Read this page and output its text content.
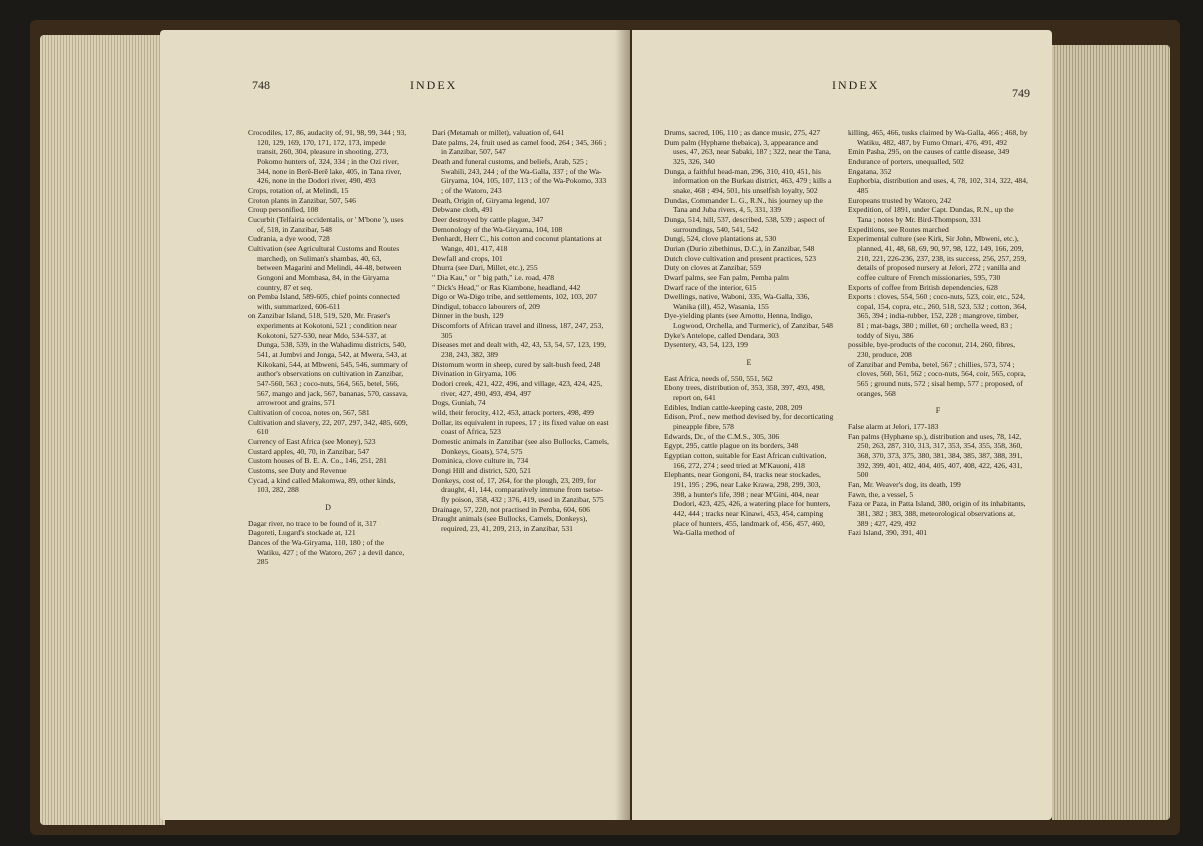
748	INDEX

Crocodiles, 17, 86, audacity of, 91, 98, 99, 344 ; 93, 120, 129, 169, 170, 171, 172, 173, impede transit, 260, 304, pleasure in shooting, 273, Pokomo hunters of, 324, 334 ; in the Ozi river, 344, none in Berê-Berê lake, 405, in Tana river, 426, none in the Dodori river, 490, 493

Crops, rotation of, at Melindi, 15

Croton plants in Zanzibar, 507, 546

Croup personified, 108

Cucurbit (Telfairia occidentalis, or ' M'bone '), uses of, 518, in Zanzibar, 548

Cudrania, a dye wood, 728

Cultivation (see Agricultural Customs and Routes marched), on Suliman's shambas, 40, 63, between Magarini and Melindi, 44-48, between Gongoni and Mombasa, 84, in the Giryama country, 87 et seq.

on Pemba Island, 589-605, chief points connected with, summarized, 606-611

on Zanzibar Island, 518, 519, 520, Mr. Fraser's experiments at Kokotoni, 521 ; condition near Kokotoni, 527-530, near Mdo, 534-537, at Dunga, 538, 539, in the Wahadimu districts, 540, 541, at Jumbvi and Jonga, 542, at Mwera, 543, at Kikokani, 544, at Mbweni, 545, 546, summary of author's observations on cultivation in Zanzibar, 547-560, 563 ; coco-nuts, 564, 565, betel, 566, 567, mango and jack, 567, bananas, 570, cassava, arrowroot and grains, 571

Cultivation of cocoa, notes on, 567, 581

Cultivation and slavery, 22, 207, 297, 342, 485, 609, 610

Currency of East Africa (see Money), 523

Custard apples, 40, 70, in Zanzibar, 547

Custom houses of B. E. A. Co., 146, 251, 281

Customs, see Duty and Revenue

Cycad, a kind called Makomwa, 89, other kinds, 103, 282, 288

D

Dagar river, no trace to be found of it, 317

Dagoreti, Lugard's stockade at, 121

Dances of the Wa-Giryama, 110, 180 ; of the Watiku, 427 ; of the Watoro, 267 ; a devil dance, 285

Dari (Metamah or millet), valuation of, 641

Date palms, 24, fruit used as camel food, 264 ; 345, 366 ; in Zanzibar, 507, 547

Death and funeral customs, and beliefs, Arab, 525 ; Swahili, 243, 244 ; of the Wa-Galla, 337 ; of the Wa-Giryama, 104, 105, 107, 113 ; of the Wa-Pokomo, 333 ; of the Watoro, 243

Death, Origin of, Giryama legend, 107

Debwane cloth, 491

Deer destroyed by cattle plague, 347

Demonology of the Wa-Giryama, 104, 108

Denhardt, Herr C., his cotton and coconut plantations at Wange, 401, 417, 418

Dewfall and crops, 101

Dhurra (see Dari, Millet, etc.), 255

" Dia Kau," or " big path," i.e. road, 478

" Dick's Head," or Ras Kiambone, headland, 442

Digo or Wa-Digo tribe, and settlements, 102, 103, 207

Dindigul, tobacco labourers of, 209

Dinner in the bush, 129

Discomforts of African travel and illness, 187, 247, 253, 305

Diseases met and dealt with, 42, 43, 53, 54, 57, 123, 199, 238, 243, 382, 389

Distomum worm in sheep, cured by salt-bush feed, 248

Divination in Giryama, 106

Dodori creek, 421, 422, 496, and village, 423, 424, 425, river, 427, 490, 493, 494, 497

Dogs, Guniah, 74

wild, their ferocity, 412, 453, attack porters, 498, 499

Dollar, its equivalent in rupees, 17 ; its fixed value on east coast of Africa, 523

Domestic animals in Zanzibar (see also Bullocks, Camels, Donkeys, Goats), 574, 575

Dominica, clove culture in, 734

Dongi Hill and district, 520, 521

Donkeys, cost of, 17, 264, for the plough, 23, 209, for draught, 41, 144, comparatively immune from tsetse-fly poison, 358, 432 ; 376, 419, used in Zanzibar, 575

Drainage, 57, 220, not practised in Pemba, 604, 606

Draught animals (see Bullocks, Camels, Donkeys), required, 23, 41, 209, 213, in Zanzibar, 531

INDEX
749

Drums, sacred, 106, 110 ; as dance music, 275, 427

Dum palm (Hyphæne thebaica), 3, appearance and uses, 47, 263, near Sabaki, 187 ; 322, near the Tana, 325, 326, 340

Dunga, a faithful head-man, 296, 310, 410, 451, his information on the Burkau district, 463, 479 ; kills a snake, 468 ; 494, 501, his unselfish loyalty, 502

Dundas, Commander L. G., R.N., his journey up the Tana and Juba rivers, 4, 5, 331, 339

Dunga, 514, hill, 537, described, 538, 539 ; aspect of surroundings, 540, 541, 542

Dungi, 524, clove plantations at, 530

Durian (Durio zibethinus, D.C.), in Zanzibar, 548

Dutch clove cultivation and present practices, 523

Duty on cloves at Zanzibar, 559

Dwarf palms, see Fan palm, Pemba palm

Dwarf race of the interior, 615

Dwellings, native, Waboni, 335, Wa-Galla, 336, Wanika (ill), 452, Wasania, 155

Dye-yielding plants (see Arnotto, Henna, Indigo, Logwood, Orchella, and Turmeric), of Zanzibar, 548

Dyke's Antelope, called Dendara, 303

Dysentery, 43, 54, 123, 199

E

East Africa, needs of, 550, 551, 562

Ebony trees, distribution of, 353, 358, 397, 493, 498, report on, 641

Edibles, Indian cattle-keeping caste, 208, 209

Edison, Prof., new method devised by, for decorticating pineapple fibre, 578

Edwards, Dr., of the C.M.S., 305, 306

Egypt, 295, cattle plague on its borders, 348

Egyptian cotton, suitable for East African cultivation, 166, 272, 274 ; seed tried at M'Kauoni, 418

Elephants, near Gongoni, 84, tracks near stockades, 191, 195 ; 296, near Lake Krawa, 298, 299, 303, 398, a hunter's life, 398 ; near M'Gini, 404, near Dodori, 423, 425, 426, a watering place for hunters, 442, 444 ; tracks near Kinawi, 453, 454, camping place of hunters, 455, landmark of, 456, 457, 460, Wa-Galla method of

killing, 465, 466, tusks claimed by Wa-Galla, 466 ; 468, by Watiku, 482, 487, by Fumo Omari, 476, 491, 492

Emin Pasha, 295, on the causes of cattle disease, 349

Endurance of porters, unequalled, 502

Engatana, 352

Euphorbia, distribution and uses, 4, 78, 102, 314, 322, 484, 485

Europeans trusted by Watoro, 242

Expedition, of 1891, under Capt. Dundas, R.N., up the Tana ; notes by Mr. Bird-Thompson, 331

Expeditions, see Routes marched

Experimental culture (see Kirk, Sir John, Mbweni, etc.), planned, 41, 48, 68, 69, 90, 97, 98, 122, 149, 166, 209, 210, 221, 226-236, 237, 238, its success, 256, 257, 259, details of proposed nursery at Jelori, 272 ; vanilla and coffee culture of French missionaries, 595, 730

Exports of coffee from British dependencies, 628

Exports : cloves, 554, 560 ; coco-nuts, 523, coir, etc., 524, copal, 154, copra, etc., 260, 518, 523, 532 ; cotton, 364, 365, 394 ; india-rubber, 152, 228 ; mangrove, timber, 81 ; mat-bags, 380 ; millet, 60 ; orchella weed, 83 ; toddy of Siyu, 386

possible, bye-products of the coconut, 214, 260, fibres, 230, produce, 208

of Zanzibar and Pemba, betel, 567 ; chillies, 573, 574 ; cloves, 560, 561, 562 ; coco-nuts, 564, coir, 565, copra, 565 ; ground nuts, 572 ; sisal hemp, 577 ; proposed, of oranges, 568

F

False alarm at Jelori, 177-183

Fan palms (Hyphæne sp.), distribution and uses, 78, 142, 250, 263, 287, 310, 313, 317, 353, 354, 355, 358, 360, 368, 370, 373, 375, 380, 381, 384, 385, 387, 388, 391, 392, 399, 401, 402, 404, 405, 407, 408, 422, 426, 431, 500

Fan, Mr. Weaver's dog, its death, 199

Fawn, the, a vessel, 5

Faza or Paza, in Patta Island, 380, origin of its inhabitants, 381, 382 ; 383, 388, meteorological observations at, 389 ; 427, 429, 492

Fazi Island, 390, 391, 401
